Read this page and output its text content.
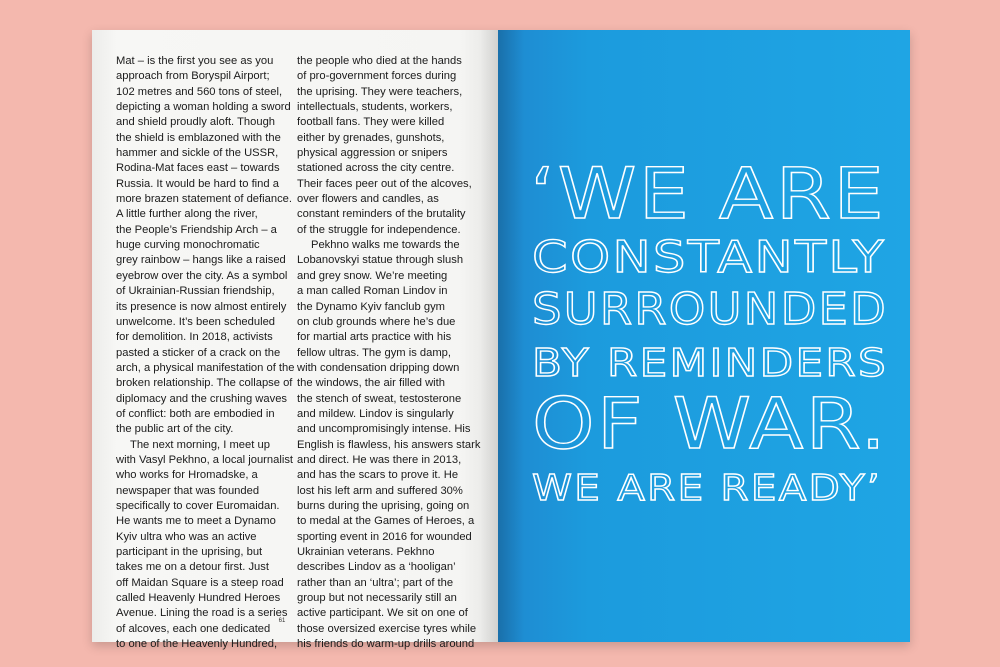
Mat – is the first you see as you
approach from Boryspil Airport;
102 metres and 560 tons of steel,
depicting a woman holding a sword
and shield proudly aloft. Though
the shield is emblazoned with the
hammer and sickle of the USSR,
Rodina-Mat faces east – towards
Russia. It would be hard to find a
more brazen statement of defiance.
A little further along the river,
the People’s Friendship Arch – a
huge curving monochromatic
grey rainbow – hangs like a raised
eyebrow over the city. As a symbol
of Ukrainian-Russian friendship,
its presence is now almost entirely
unwelcome. It’s been scheduled
for demolition. In 2018, activists
pasted a sticker of a crack on the
arch, a physical manifestation of the
broken relationship. The collapse of
diplomacy and the crushing waves
of conflict: both are embodied in
the public art of the city.
The next morning, I meet up
with Vasyl Pekhno, a local journalist
who works for Hromadske, a
newspaper that was founded
specifically to cover Euromaidan.
He wants me to meet a Dynamo
Kyiv ultra who was an active
participant in the uprising, but
takes me on a detour first. Just
off Maidan Square is a steep road
called Heavenly Hundred Heroes
Avenue. Lining the road is a series
of alcoves, each one dedicated
to one of the Heavenly Hundred,
the people who died at the hands
of pro-government forces during
the uprising. They were teachers,
intellectuals, students, workers,
football fans. They were killed
either by grenades, gunshots,
physical aggression or snipers
stationed across the city centre.
Their faces peer out of the alcoves,
over flowers and candles, as
constant reminders of the brutality
of the struggle for independence.
Pekhno walks me towards the
Lobanovskyi statue through slush
and grey snow. We’re meeting
a man called Roman Lindov in
the Dynamo Kyiv fanclub gym
on club grounds where he’s due
for martial arts practice with his
fellow ultras. The gym is damp,
with condensation dripping down
the windows, the air filled with
the stench of sweat, testosterone
and mildew. Lindov is singularly
and uncompromisingly intense. His
English is flawless, his answers stark
and direct. He was there in 2013,
and has the scars to prove it. He
lost his left arm and suffered 30%
burns during the uprising, going on
to medal at the Games of Heroes, a
sporting event in 2016 for wounded
Ukrainian veterans. Pekhno
describes Lindov as a ‘hooligan’
rather than an ‘ultra’; part of the
group but not necessarily still an
active participant. We sit on one of
those oversized exercise tyres while
his friends do warm-up drills around
61
‘WE ARE
CONSTANTLY
SURROUNDED
BY REMINDERS
OF WAR.
WE ARE READY’
